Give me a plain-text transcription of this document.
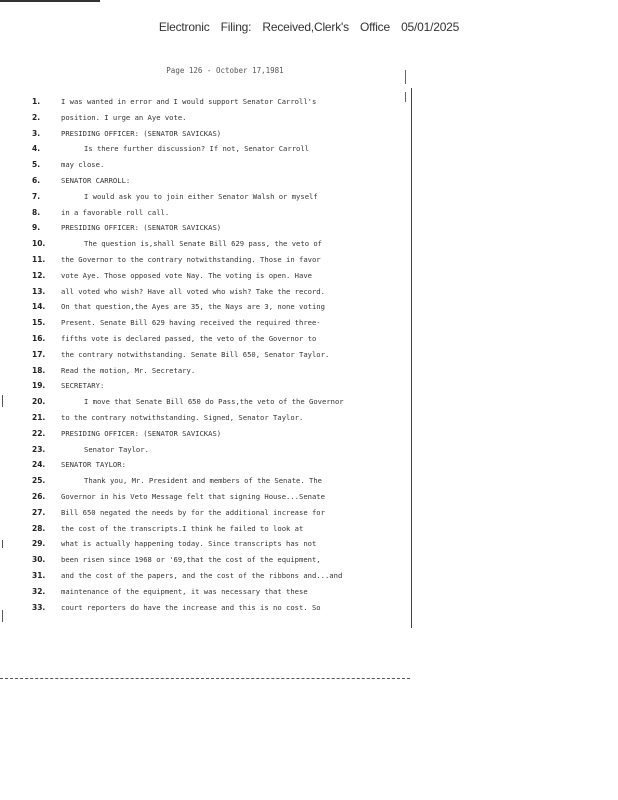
Electronic Filing: Received,Clerk's Office 05/01/2025
Page 126 - October 17,1981
1.	I was wanted in error and I would support Senator Carroll's
2.	position. I urge an Aye vote.
3.	PRESIDING OFFICER: (SENATOR SAVICKAS)
4.	Is there further discussion? If not, Senator Carroll
5.	may close.
6.	SENATOR CARROLL:
7.	I would ask you to join either Senator Walsh or myself
8.	in a favorable roll call.
9.	PRESIDING OFFICER: (SENATOR SAVICKAS)
10.	The question is,shall Senate Bill 629 pass, the veto of
11. the Governor to the contrary notwithstanding. Those in favor
12. vote Aye. Those opposed vote Nay. The voting is open. Have
13. all voted who wish? Have all voted who wish? Take the record.
14. On that question,the Ayes are 35, the Nays are 3, none voting
15. Present. Senate Bill 629 having received the required three-
16. fifths vote is declared passed, the veto of the Governor to
17. the contrary notwithstanding. Senate Bill 650, Senator Taylor.
18. Read the motion, Mr. Secretary.
19. SECRETARY:
20.	I move that Senate Bill 650 do Pass,the veto of the Governor
21. to the contrary notwithstanding. Signed, Senator Taylor.
22. PRESIDING OFFICER: (SENATOR SAVICKAS)
23.	Senator Taylor.
24. SENATOR TAYLOR:
25.	Thank you, Mr. President and members of the Senate. The
26. Governor in his Veto Message felt that signing House...Senate
27. Bill 650 negated the needs by for the additional increase for
28. the cost of the transcripts.I think he failed to look at
29. what is actually happening today. Since transcripts has not
30. been risen since 1968 or '69,that the cost of the equipment,
31. and the cost of the papers, and the cost of the ribbons and...and
32. maintenance of the equipment, it was necessary that these
33. court reporters do have the increase and this is no cost. So
